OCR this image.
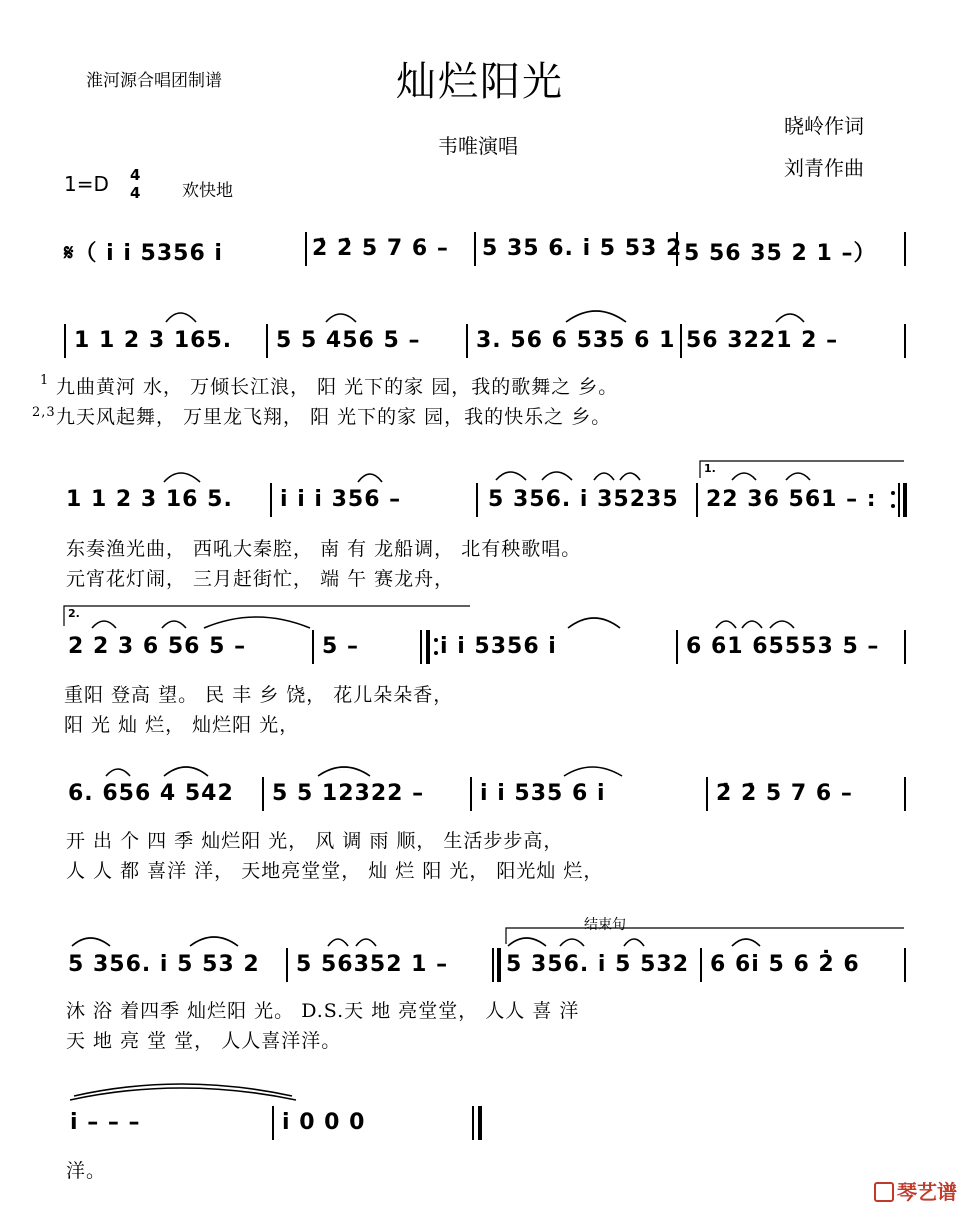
淮河源合唱团制谱	灿烂阳光
韦唯演唱
晓岭作词
刘青作曲
1=D 4
4 欢快地
𝄋（ i i 5356 i	2̇ 2̇ 5 7 6 – 5 35 6. i 5 53 2 5 56 35 2 1 –）
1 1 2 3 165. 5 5 456 5 –	3. 56 6 535 6 1 56 3221 2 –
1 九曲黄河 水， 万倾长江浪， 阳 光下的家 园，我的歌舞之 乡。
2,3 九天风起舞， 万里龙飞翔， 阳 光下的家 园，我的快乐之 乡。
1 1 2 3 16 5. i i i 356 –	5 356. i 35235 22 36 561 – :
1.
东奏渔光曲， 西吼大秦腔， 南 有 龙船调， 北有秧歌唱。
元宵花灯闹， 三月赶街忙， 端 午 赛龙舟，
2.
2 2 3 6 56 5 –	5 –	i i 5356 i	6 61 65553 5 –
重阳 登高 望。 民 丰 乡 饶， 花儿朵朵香，
阳 光 灿 烂， 灿烂阳 光，
6. 656 4 542 5 5 12322 –	i i 535 6 i	2̇ 2̇ 5 7 6 –
开 出 个 四 季 灿烂阳 光， 风 调 雨 顺， 生活步步高，
人 人 都 喜洋 洋， 天地亮堂堂， 灿 烂 阳 光， 阳光灿 烂，
结束句
5 356. i 5 53 2 5 56352 1 –	5 356. i 5 532 6 6i 5 6 2̇ 6
沐 浴 着四季 灿烂阳 光。 D.S.天 地 亮堂堂， 人人 喜 洋
天 地 亮 堂 堂， 人人喜洋洋。
i – – –	i 0 0 0
洋。
琴艺谱
